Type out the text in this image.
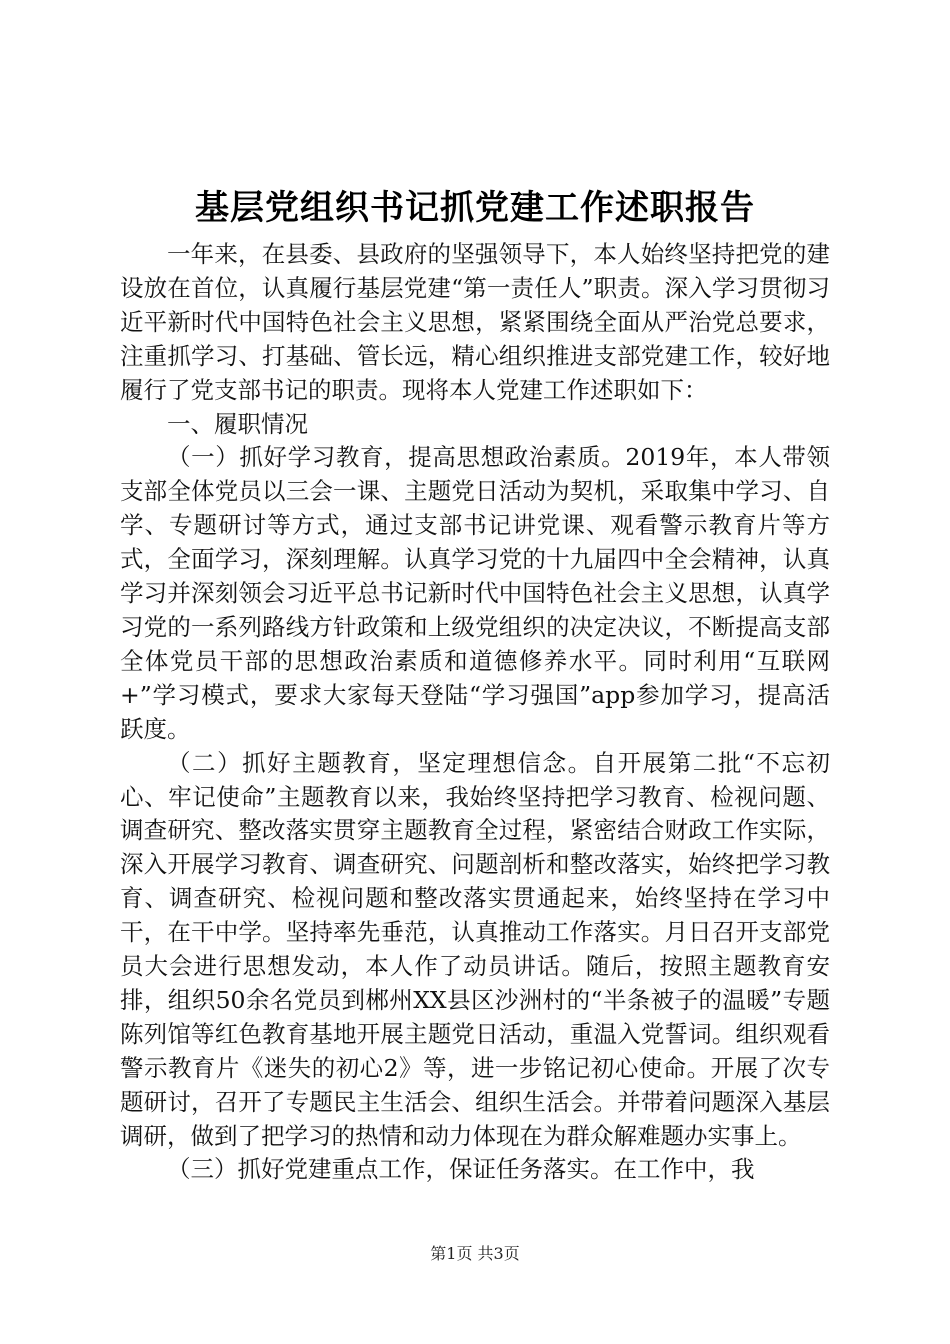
基层党组织书记抓党建工作述职报告

一年来，在县委、县政府的坚强领导下，本人始终坚持把党的建设放在首位，认真履行基层党建“第一责任人”职责。深入学习贯彻习近平新时代中国特色社会主义思想，紧紧围绕全面从严治党总要求，注重抓学习、打基础、管长远，精心组织推进支部党建工作，较好地履行了党支部书记的职责。现将本人党建工作述职如下：

一、履职情况

（一）抓好学习教育，提高思想政治素质。2019年，本人带领支部全体党员以三会一课、主题党日活动为契机，采取集中学习、自学、专题研讨等方式，通过支部书记讲党课、观看警示教育片等方式，全面学习，深刻理解。认真学习党的十九届四中全会精神，认真学习并深刻领会习近平总书记新时代中国特色社会主义思想，认真学习党的一系列路线方针政策和上级党组织的决定决议，不断提高支部全体党员干部的思想政治素质和道德修养水平。同时利用“互联网+”学习模式，要求大家每天登陆“学习强国”app参加学习，提高活跃度。

（二）抓好主题教育，坚定理想信念。自开展第二批“不忘初心、牢记使命”主题教育以来，我始终坚持把学习教育、检视问题、调查研究、整改落实贯穿主题教育全过程，紧密结合财政工作实际，深入开展学习教育、调查研究、问题剖析和整改落实，始终把学习教育、调查研究、检视问题和整改落实贯通起来，始终坚持在学习中干，在干中学。坚持率先垂范，认真推动工作落实。月日召开支部党员大会进行思想发动，本人作了动员讲话。随后，按照主题教育安排，组织50余名党员到郴州XX县区沙洲村的“半条被子的温暖”专题陈列馆等红色教育基地开展主题党日活动，重温入党誓词。组织观看警示教育片《迷失的初心2》等，进一步铭记初心使命。开展了次专题研讨，召开了专题民主生活会、组织生活会。并带着问题深入基层调研，做到了把学习的热情和动力体现在为群众解难题办实事上。

（三）抓好党建重点工作，保证任务落实。在工作中，我

第1页 共3页
